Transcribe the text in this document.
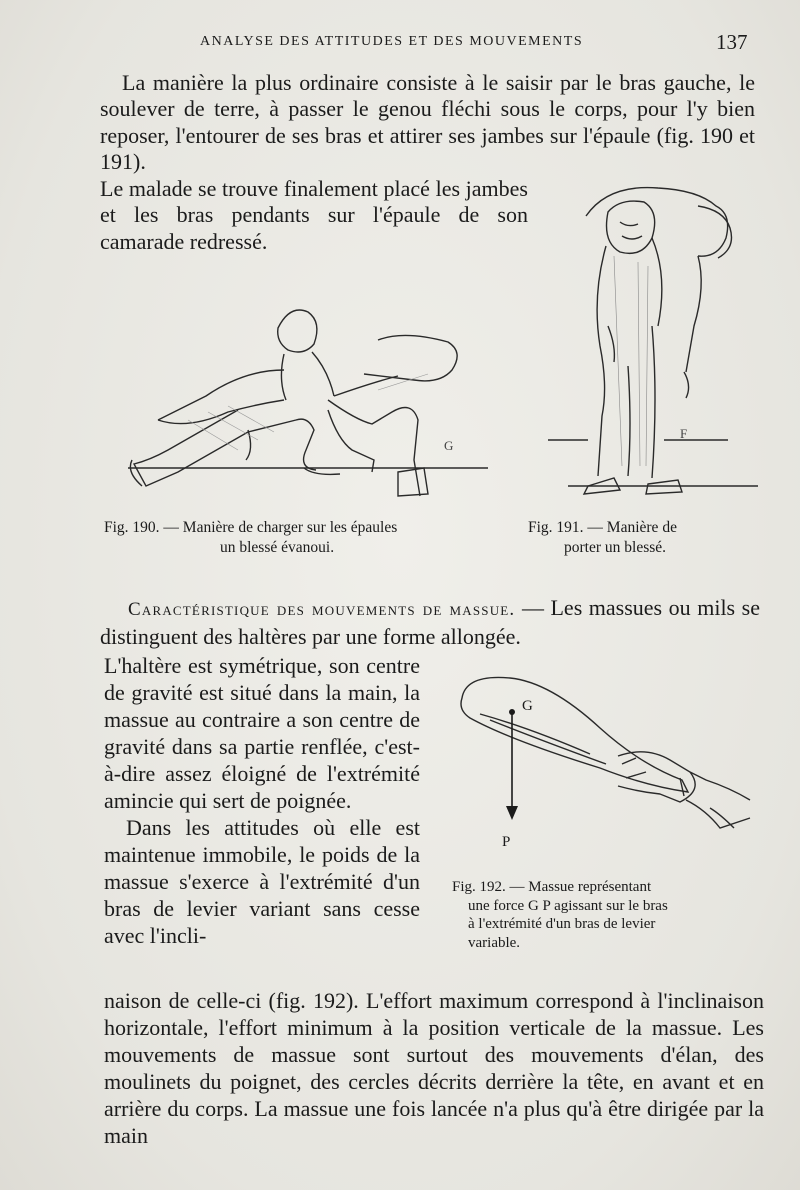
ANALYSE DES ATTITUDES ET DES MOUVEMENTS	137

La manière la plus ordinaire consiste à le saisir par le bras gauche, le soulever de terre, à passer le genou fléchi sous le corps, pour l'y bien reposer, l'entourer de ses bras et attirer ses jambes sur l'épaule (fig. 190 et 191).

Le malade se trouve finalement placé les jambes et les bras pendants sur l'épaule de son camarade redressé.

F
G
Fig. 190. — Manière de charger sur les épaules
un blessé évanoui.
Fig. 191. — Manière de
porter un blessé.
Caractéristique des mouvements de massue. — Les massues ou mils se distinguent des haltères par une forme allongée.

L'haltère est symétrique, son centre de gravité est situé dans la main, la massue au contraire a son centre de gravité dans sa partie renflée, c'est-à-dire assez éloigné de l'extrémité amincie qui sert de poignée.

Dans les attitudes où elle est maintenue immobile, le poids de la massue s'exerce à l'extrémité d'un bras de levier variant sans cesse avec l'incli-

G
P
Fig. 192. — Massue représentant
une force G P agissant sur le bras
à l'extrémité d'un bras de levier
variable.
naison de celle-ci (fig. 192). L'effort maximum correspond à l'inclinaison horizontale, l'effort minimum à la position verticale de la massue. Les mouvements de massue sont surtout des mouvements d'élan, des moulinets du poignet, des cercles décrits derrière la tête, en avant et en arrière du corps. La massue une fois lancée n'a plus qu'à être dirigée par la main
